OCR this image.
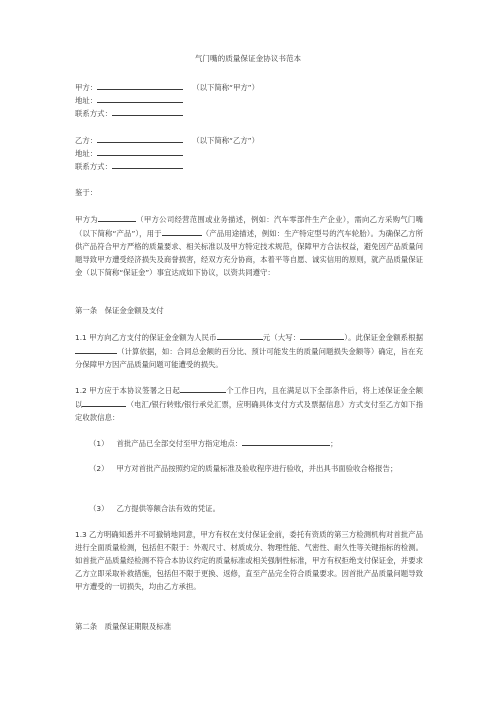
气门嘴的质量保证金协议书范本
甲方：	（以下简称“甲方”）
地址：
联系方式：
乙方：	（以下简称“乙方”）
地址：
联系方式：
鉴于：
甲方为	（甲方公司经营范围或业务描述，例如：汽车零部件生产企业），需向乙方采购气门嘴（以下简称“产品”），用于	（产品用途描述，例如：生产特定型号的汽车轮胎）。为确保乙方所供产品符合甲方严格的质量要求、相关标准以及甲方特定技术规范，保障甲方合法权益，避免因产品质量问题导致甲方遭受经济损失及商誉损害，经双方充分协商，本着平等自愿、诚实信用的原则，就产品质量保证金（以下简称“保证金”）事宜达成如下协议，以资共同遵守：
第一条　保证金金额及支付
1.1 甲方向乙方支付的保证金金额为人民币	元（大写：	）。此保证金金额系根据（计算依据，如：合同总金额的百分比、预计可能发生的质量问题损失金额等）确定，旨在充分保障甲方因产品质量问题可能遭受的损失。
1.2 甲方应于本协议签署之日起	个工作日内，且在满足以下全部条件后，将上述保证金全额以	（电汇/银行转账/银行承兑汇票，应明确具体支付方式及票据信息）方式支付至乙方如下指定收款信息：
（1） 首批产品已全部交付至甲方指定地点：	；
（2） 甲方对首批产品按照约定的质量标准及验收程序进行验收，并出具书面验收合格报告；
（3） 乙方提供等额合法有效的凭证。
1.3 乙方明确知悉并不可撤销地同意，甲方有权在支付保证金前，委托有资质的第三方检测机构对首批产品进行全面质量检测，包括但不限于：外观尺寸、材质成分、物理性能、气密性、耐久性等关键指标的检测。如首批产品质量经检测不符合本协议约定的质量标准或相关强制性标准，甲方有权拒绝支付保证金，并要求乙方立即采取补救措施，包括但不限于更换、返修，直至产品完全符合质量要求。因首批产品质量问题导致甲方遭受的一切损失，均由乙方承担。
第二条　质量保证期限及标准
